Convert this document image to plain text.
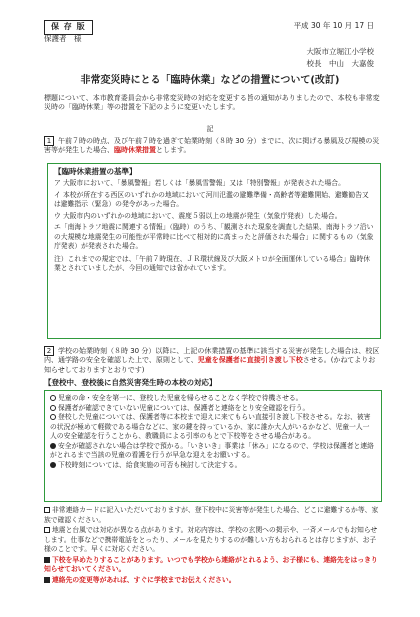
保 存 版
保護者　様
平成 30 年 10 月 17 日
大阪市立堀江小学校
校長　中山　大嘉俊
非常変災時にとる「臨時休業」などの措置について(改訂)
標題について、本市教育委員会から非常変災時の対応を変更する旨の通知がありましたので、本校も非常変災時の「臨時休業」等の措置を下記のように変更いたします。
記
1 午前７時の時点、及び午前７時を過ぎて始業時刻（８時 30 分）までに、次に掲げる暴風及び規模の災害等が発生した場合、臨時休業措置とします。
【臨時休業措置の基準】
ア 大阪市において、「暴風警報」若しくは「暴風雪警報」又は「特別警報」が発表された場合。
イ 本校が所在する西区のいずれかの地域において河川氾濫の避難準備・高齢者等避難開始、避難勧告又は避難指示（緊急）の発令があった場合。
ウ 大阪市内のいずれかの地域において、震度５弱以上の地震が発生（気象庁発表）した場合。
エ「南海トラフ地震に関連する情報」（臨時）のうち、「観測された現象を調査した結果、南海トラフ沿いの大規模な地震発生の可能性が平常時に比べて相対的に高まったと評価された場合」に関するもの（気象庁発表）が発表された場合。
注）これまでの規定では、「午前７時現在、ＪＲ環状線及び大阪メトロが全面運休している場合」臨時休業とされていましたが、今回の通知では省かれています。
2 学校の始業時刻（８時 30 分）以降に、上記の休業措置の基準に該当する災害が発生した場合は、校区内、通学路の安全を確認した上で、原則として、児童を保護者に直接引き渡し下校させる。(かねてよりお知らせしておりますとおりです)
【登校中、登校後に自然災害発生時の本校の対応】
児童の命・安全を第一に、登校した児童を帰らせることなく学校で待機させる。
保護者が確認できていない児童については、保護者と連絡をとり安全確認を行う。
登校した児童については、保護者等に本校まで迎えに来てもらい直接引き渡し下校させる。なお、被害の状況が極めて軽微である場合などに、家の鍵を持っているか、家に誰か大人がいるかなど、児童一人一人の安全確認を行うことから、教職員による引率のもとで下校等をさせる場合がある。
安全が確認されない場合は学校で預かる。「いきいき」事業は「休み」になるので、学校は保護者と連絡がとれるまで当該の児童の看護を行うが早急な迎えをお願いする。
下校時刻については、給食実施の可否も検討して決定する。
非常連絡カードに記入いただいておりますが、登下校中に災害等が発生した場合、どこに避難するか等、家族で確認ください。
地震と台風では対応が異なる点があります。対応内容は、学校の玄関への掲示や、一斉メールでもお知らせします。仕事などで携帯電話をとったり、メールを見たりするのが難しい方もおられるとは存じますが、お子様のことです。早くに対応ください。
下校を早めたりすることがあります。いつでも学校から連絡がとれるよう、お子様にも、連絡先をはっきり知らせておいてください。
連絡先の変更等があれば、すぐに学校までお伝えください。
